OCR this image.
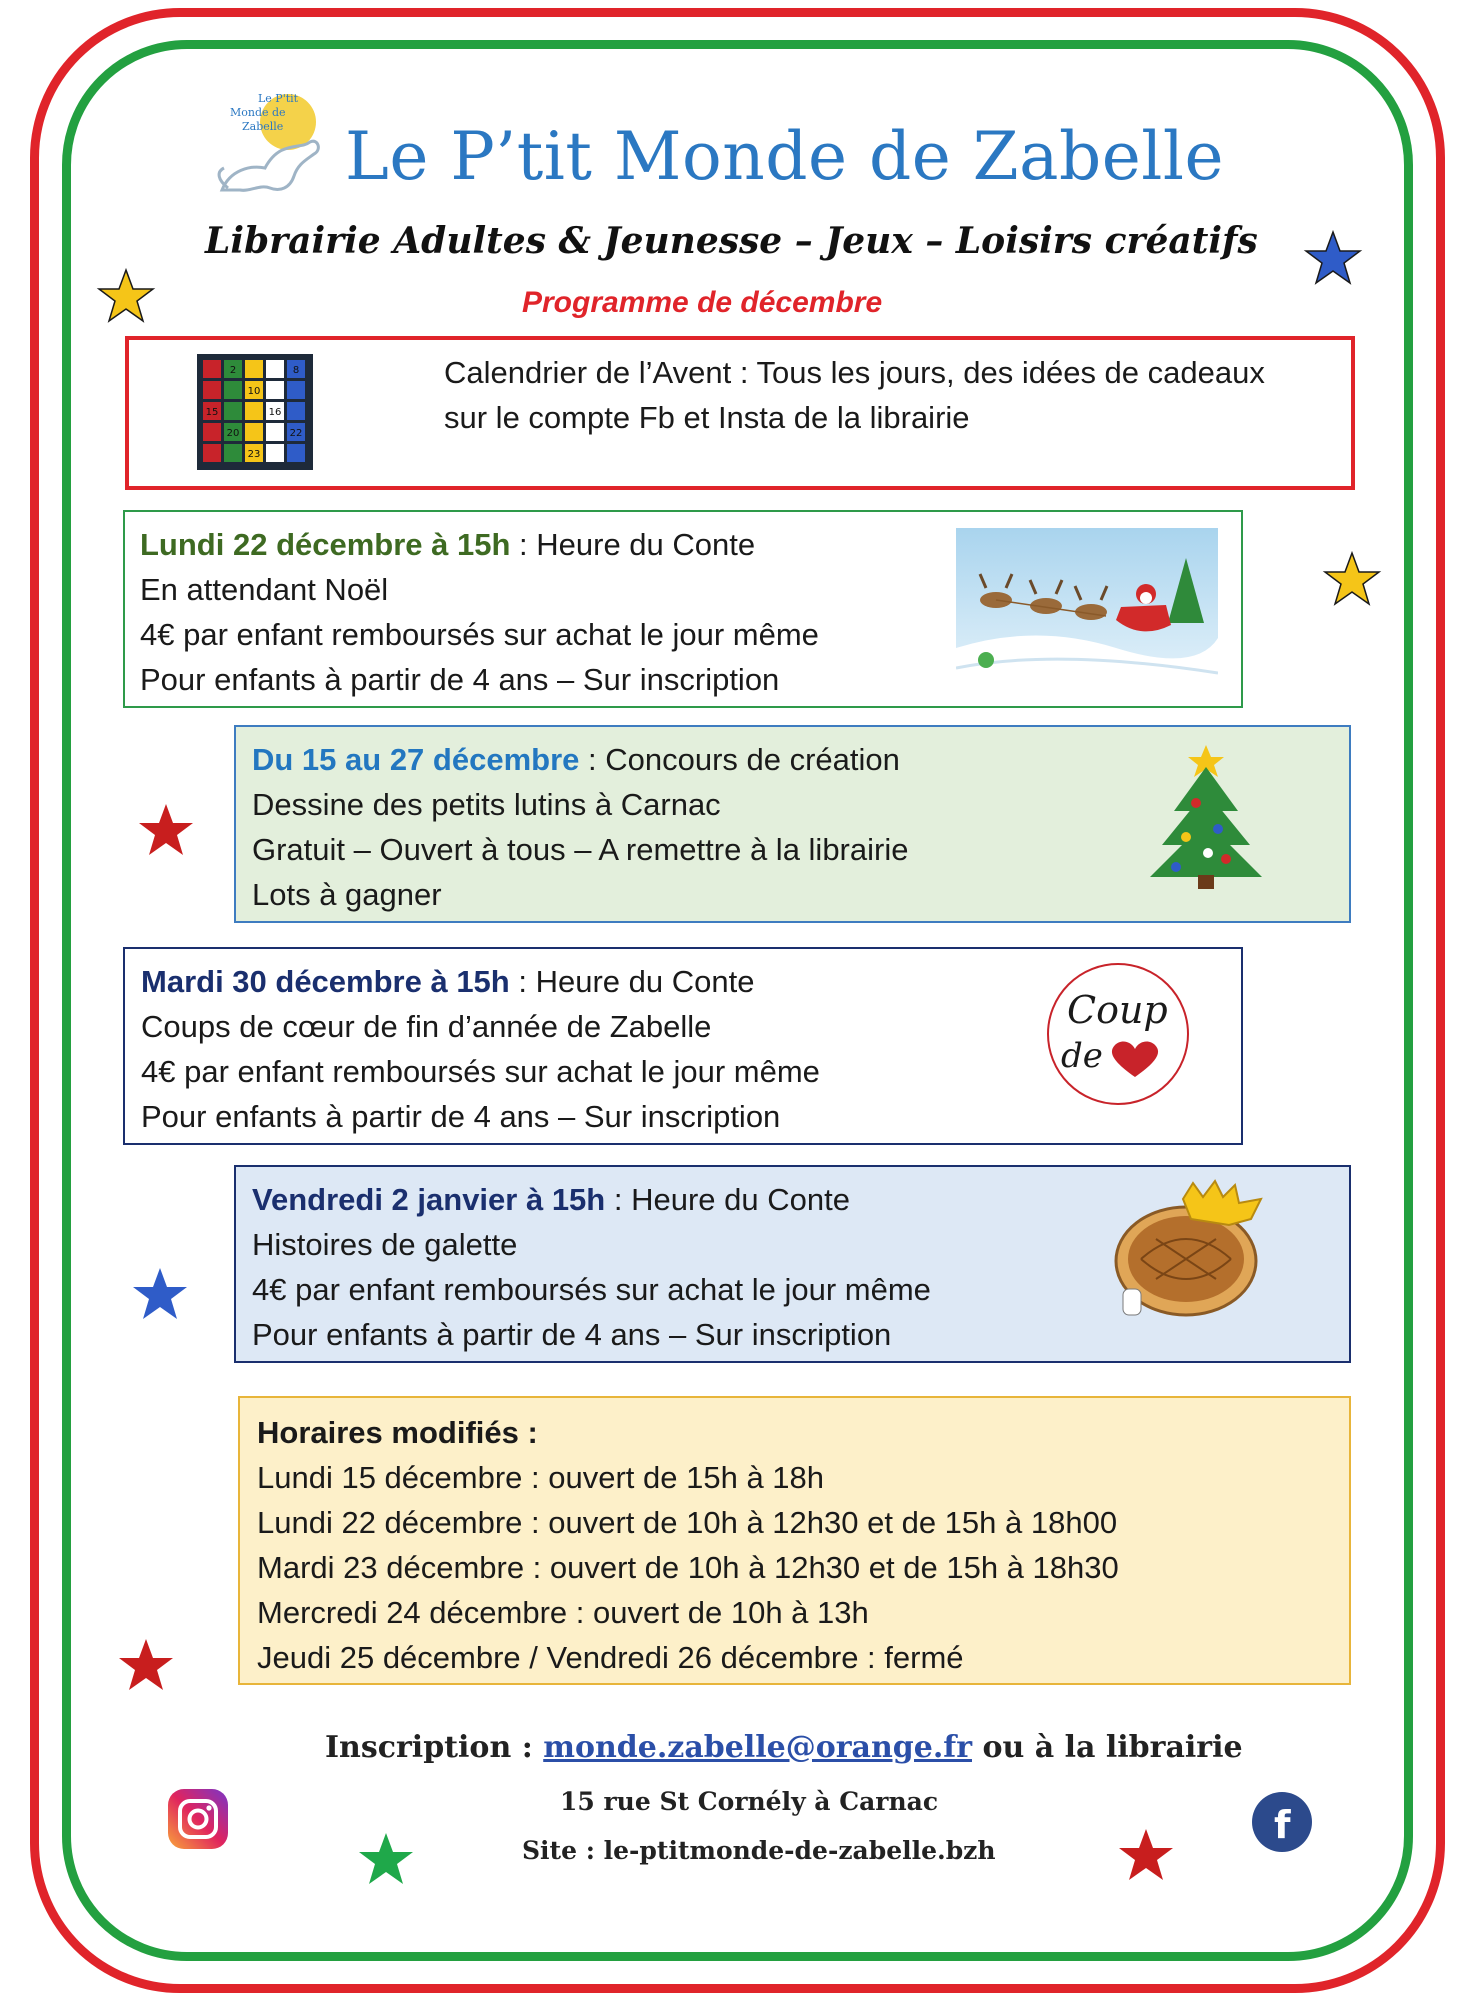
Le P'tit
Monde de
Zabelle Le P’tit Monde de Zabelle
Librairie Adultes & Jeunesse – Jeux – Loisirs créatifs
Programme de décembre
2	8
10
15	16
20	22
23

Calendrier de l’Avent : Tous les jours, des idées de cadeaux

sur le compte Fb et Insta de la librairie

Lundi 22 décembre à 15h : Heure du Conte

En attendant Noël

4€ par enfant remboursés sur achat le jour même

Pour enfants à partir de 4 ans – Sur inscription

Du 15 au 27 décembre : Concours de création

Dessine des petits lutins à Carnac

Gratuit – Ouvert à tous – A remettre à la librairie

Lots à gagner

Mardi 30 décembre à 15h : Heure du Conte

Coups de cœur de fin d’année de Zabelle

4€ par enfant remboursés sur achat le jour même

Pour enfants à partir de 4 ans – Sur inscription

Coup
de

Vendredi 2 janvier à 15h : Heure du Conte

Histoires de galette

4€ par enfant remboursés sur achat le jour même

Pour enfants à partir de 4 ans – Sur inscription

Horaires modifiés :

Lundi 15 décembre : ouvert de 15h à 18h

Lundi 22 décembre : ouvert de 10h à 12h30 et de 15h à 18h00

Mardi 23 décembre : ouvert de 10h à 12h30 et de 15h à 18h30

Mercredi 24 décembre : ouvert de 10h à 13h

Jeudi 25 décembre / Vendredi 26 décembre : fermé

Inscription : monde.zabelle@orange.fr ou à la librairie
15 rue St Cornély à Carnac
Site : le-ptitmonde-de-zabelle.bzh
f
